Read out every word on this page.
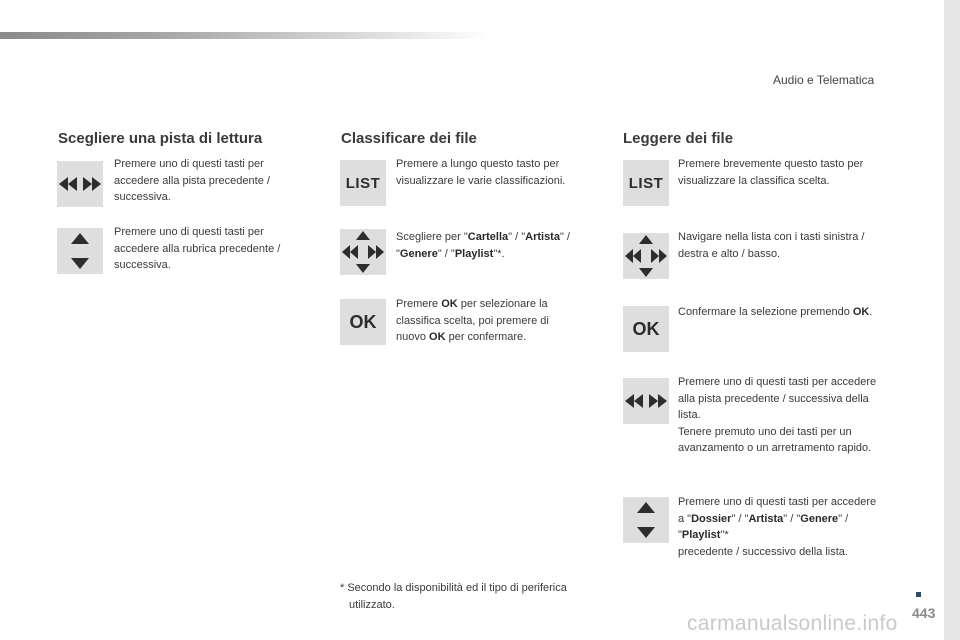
Audio e Telematica
Scegliere una pista di lettura
Premere uno di questi tasti per accedere alla pista precedente / successiva.
Premere uno di questi tasti per accedere alla rubrica precedente / successiva.
Classificare dei file
LIST
Premere a lungo questo tasto per visualizzare le varie classificazioni.
Scegliere per "Cartella" / "Artista" / "Genere" / "Playlist"*.
OK
Premere OK per selezionare la classifica scelta, poi premere di nuovo OK per confermare.
Leggere dei file
LIST
Premere brevemente questo tasto per visualizzare la classifica scelta.
Navigare nella lista con i tasti sinistra / destra e alto / basso.
OK
Confermare la selezione premendo OK.
Premere uno di questi tasti per accedere alla pista precedente / successiva della lista.
Tenere premuto uno dei tasti per un avanzamento o un arretramento rapido.
Premere uno di questi tasti per accedere a "Dossier" / "Artista" / "Genere" / "Playlist"*
precedente / successivo della lista.
* Secondo la disponibilità ed il tipo di periferica
utilizzato.
443
carmanualsonline.info
